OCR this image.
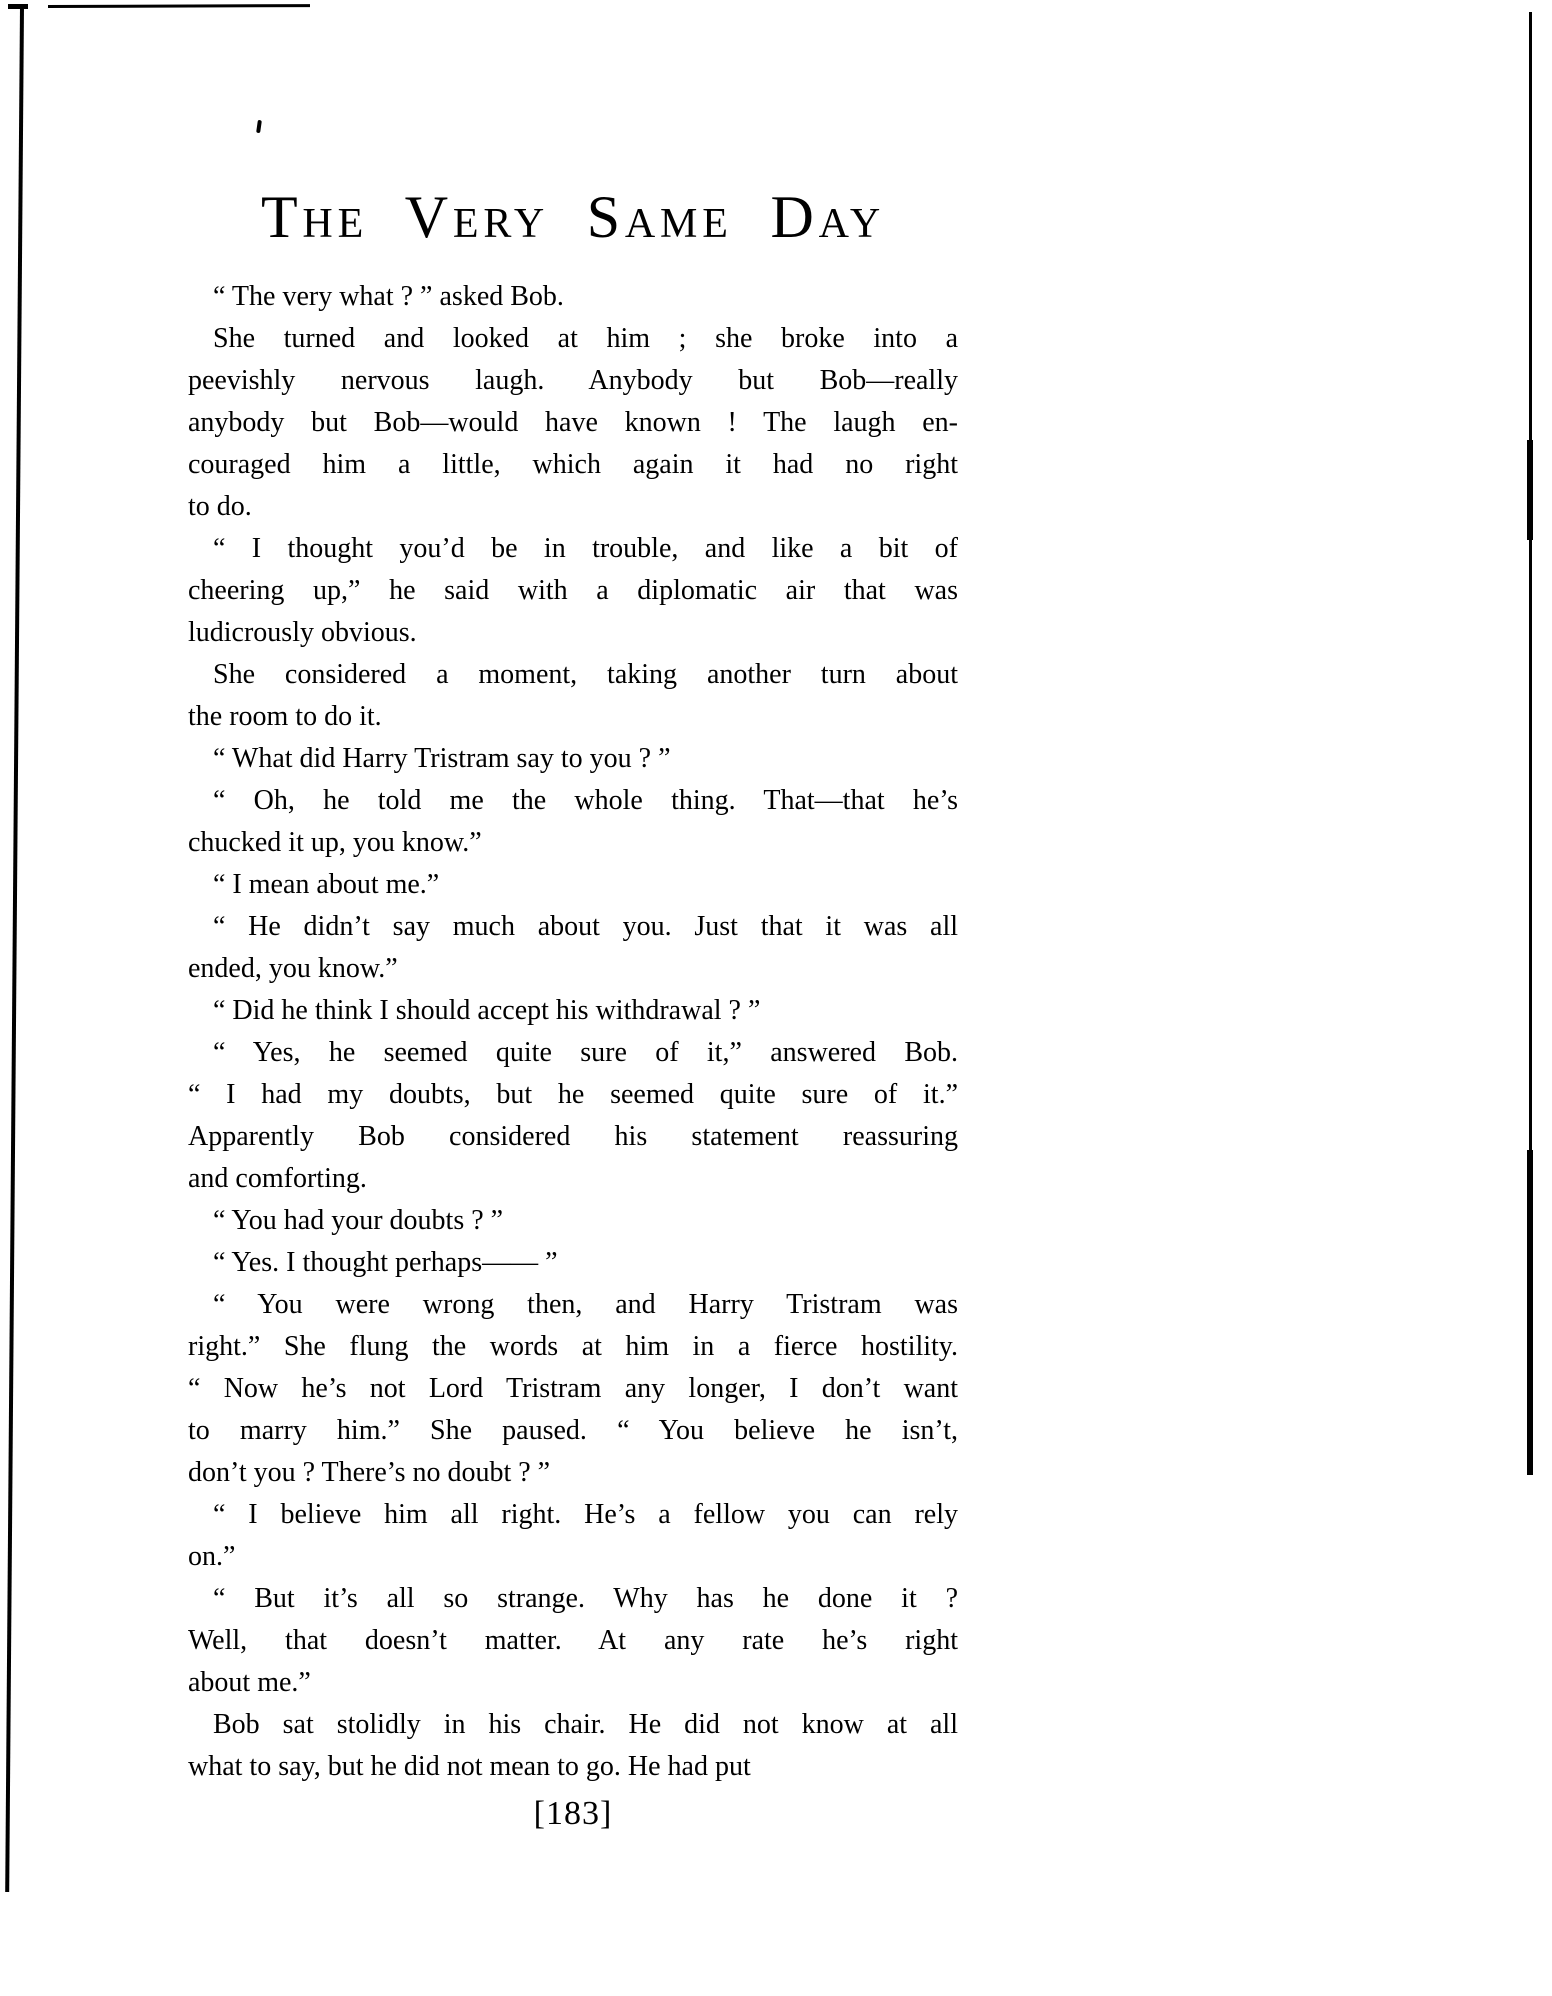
The Very Same Day
“ The very what ? ” asked Bob.
She turned and looked at him ; she broke into a
peevishly nervous laugh. Anybody but Bob—really
anybody but Bob—would have known ! The laugh en-
couraged him a little, which again it had no right
to do.
“ I thought you’d be in trouble, and like a bit of
cheering up,” he said with a diplomatic air that was
ludicrously obvious.
She considered a moment, taking another turn about
the room to do it.
“ What did Harry Tristram say to you ? ”
“ Oh, he told me the whole thing. That—that he’s
chucked it up, you know.”
“ I mean about me.”
“ He didn’t say much about you. Just that it was all
ended, you know.”
“ Did he think I should accept his withdrawal ? ”
“ Yes, he seemed quite sure of it,” answered Bob.
“ I had my doubts, but he seemed quite sure of it.”
Apparently Bob considered his statement reassuring
and comforting.
“ You had your doubts ? ”
“ Yes. I thought perhaps—— ”
“ You were wrong then, and Harry Tristram was
right.” She flung the words at him in a fierce hostility.
“ Now he’s not Lord Tristram any longer, I don’t want
to marry him.” She paused. “ You believe he isn’t,
don’t you ? There’s no doubt ? ”
“ I believe him all right. He’s a fellow you can rely
on.”
“ But it’s all so strange. Why has he done it ?
Well, that doesn’t matter. At any rate he’s right
about me.”
Bob sat stolidly in his chair. He did not know at all
what to say, but he did not mean to go. He had put
[183]
